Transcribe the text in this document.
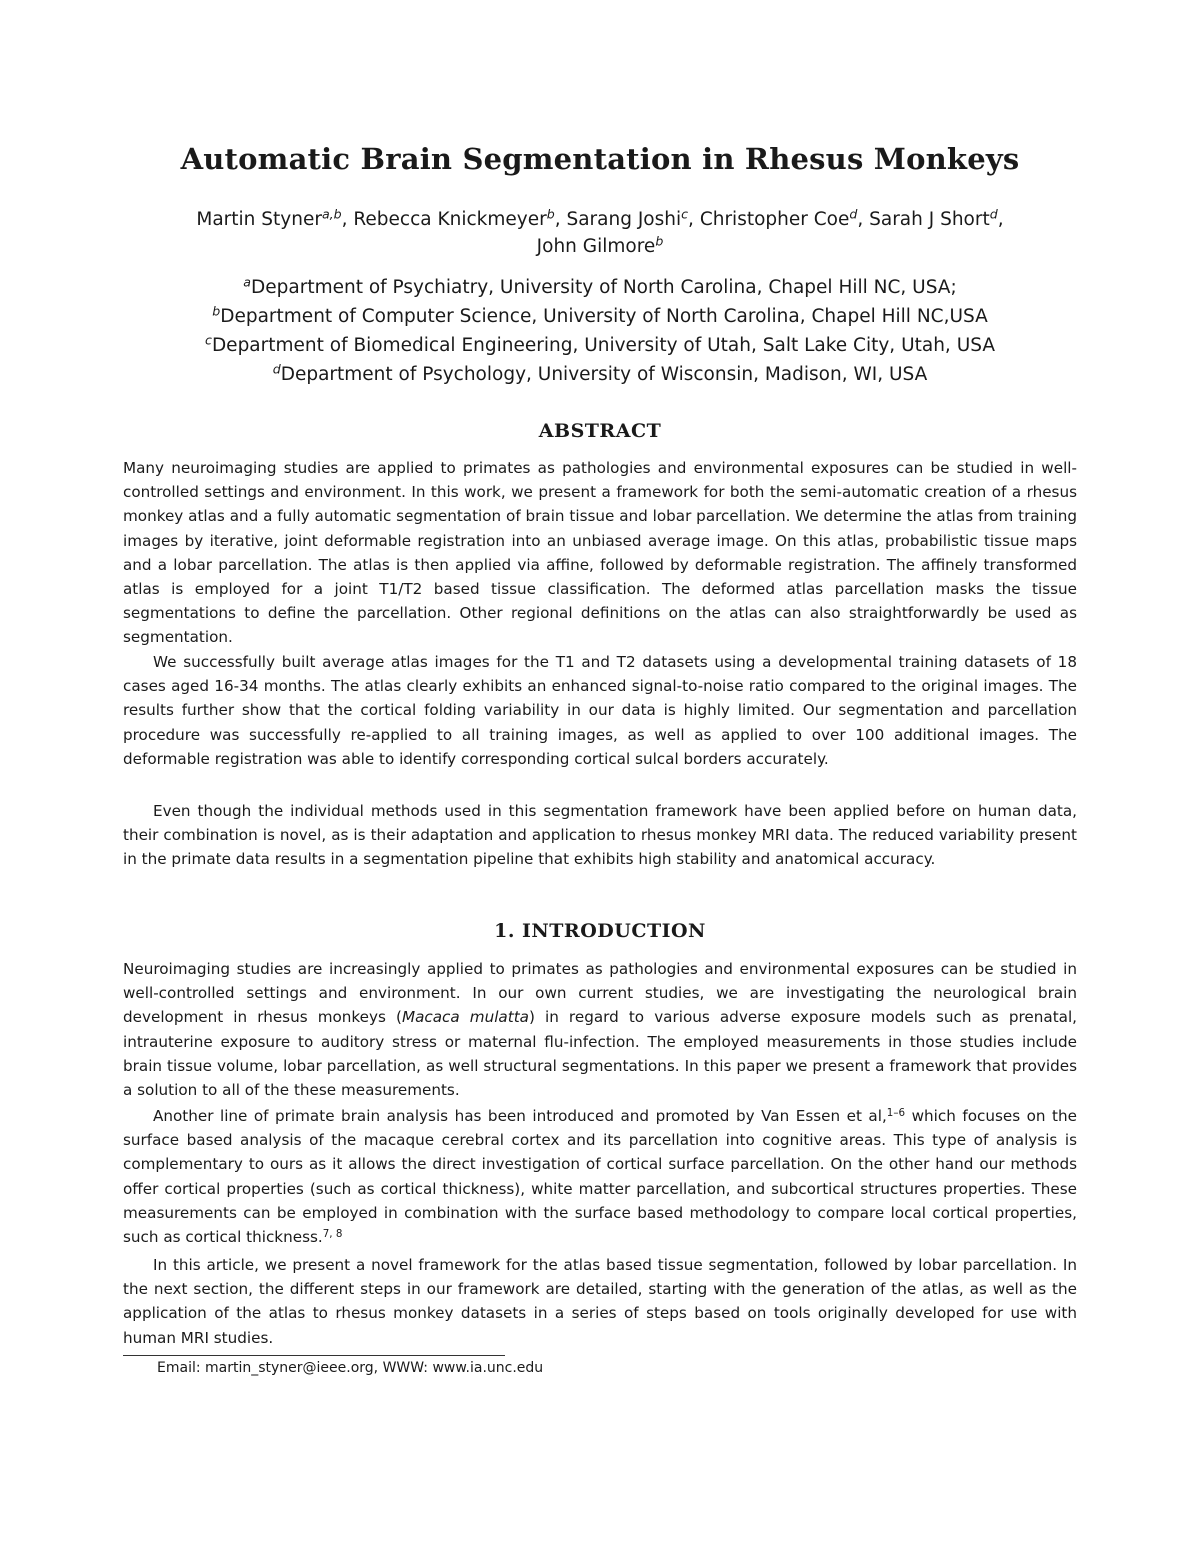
Automatic Brain Segmentation in Rhesus Monkeys
Martin Styner$^{a,b}$, Rebecca Knickmeyer$^b$, Sarang Joshi$^c$, Christopher Coe$^d$, Sarah J Short$^d$,
John Gilmore$^b$
$^a$Department of Psychiatry, University of North Carolina, Chapel Hill NC, USA;
$^b$Department of Computer Science, University of North Carolina, Chapel Hill NC,USA
$^c$Department of Biomedical Engineering, University of Utah, Salt Lake City, Utah, USA
$^d$Department of Psychology, University of Wisconsin, Madison, WI, USA
ABSTRACT
Many neuroimaging studies are applied to primates as pathologies and environmental exposures can be studied in well-controlled settings and environment. In this work, we present a framework for both the semi-automatic creation of a rhesus monkey atlas and a fully automatic segmentation of brain tissue and lobar parcellation. We determine the atlas from training images by iterative, joint deformable registration into an unbiased average image. On this atlas, probabilistic tissue maps and a lobar parcellation. The atlas is then applied via affine, followed by deformable registration. The affinely transformed atlas is employed for a joint T1/T2 based tissue classification. The deformed atlas parcellation masks the tissue segmentations to define the parcellation. Other regional definitions on the atlas can also straightforwardly be used as segmentation.
We successfully built average atlas images for the T1 and T2 datasets using a developmental training datasets of 18 cases aged 16-34 months. The atlas clearly exhibits an enhanced signal-to-noise ratio compared to the original images. The results further show that the cortical folding variability in our data is highly limited. Our segmentation and parcellation procedure was successfully re-applied to all training images, as well as applied to over 100 additional images. The deformable registration was able to identify corresponding cortical sulcal borders accurately.
Even though the individual methods used in this segmentation framework have been applied before on human data, their combination is novel, as is their adaptation and application to rhesus monkey MRI data. The reduced variability present in the primate data results in a segmentation pipeline that exhibits high stability and anatomical accuracy.
1. INTRODUCTION
Neuroimaging studies are increasingly applied to primates as pathologies and environmental exposures can be studied in well-controlled settings and environment. In our own current studies, we are investigating the neurological brain development in rhesus monkeys (Macaca mulatta) in regard to various adverse exposure models such as prenatal, intrauterine exposure to auditory stress or maternal flu-infection. The employed measurements in those studies include brain tissue volume, lobar parcellation, as well structural segmentations. In this paper we present a framework that provides a solution to all of the these measurements.
Another line of primate brain analysis has been introduced and promoted by Van Essen et al,$^{1-6}$ which focuses on the surface based analysis of the macaque cerebral cortex and its parcellation into cognitive areas. This type of analysis is complementary to ours as it allows the direct investigation of cortical surface parcellation. On the other hand our methods offer cortical properties (such as cortical thickness), white matter parcellation, and subcortical structures properties. These measurements can be employed in combination with the surface based methodology to compare local cortical properties, such as cortical thickness.$^{7, 8}$
In this article, we present a novel framework for the atlas based tissue segmentation, followed by lobar parcellation. In the next section, the different steps in our framework are detailed, starting with the generation of the atlas, as well as the application of the atlas to rhesus monkey datasets in a series of steps based on tools originally developed for use with human MRI studies.
Email: martin_styner@ieee.org, WWW: www.ia.unc.edu
